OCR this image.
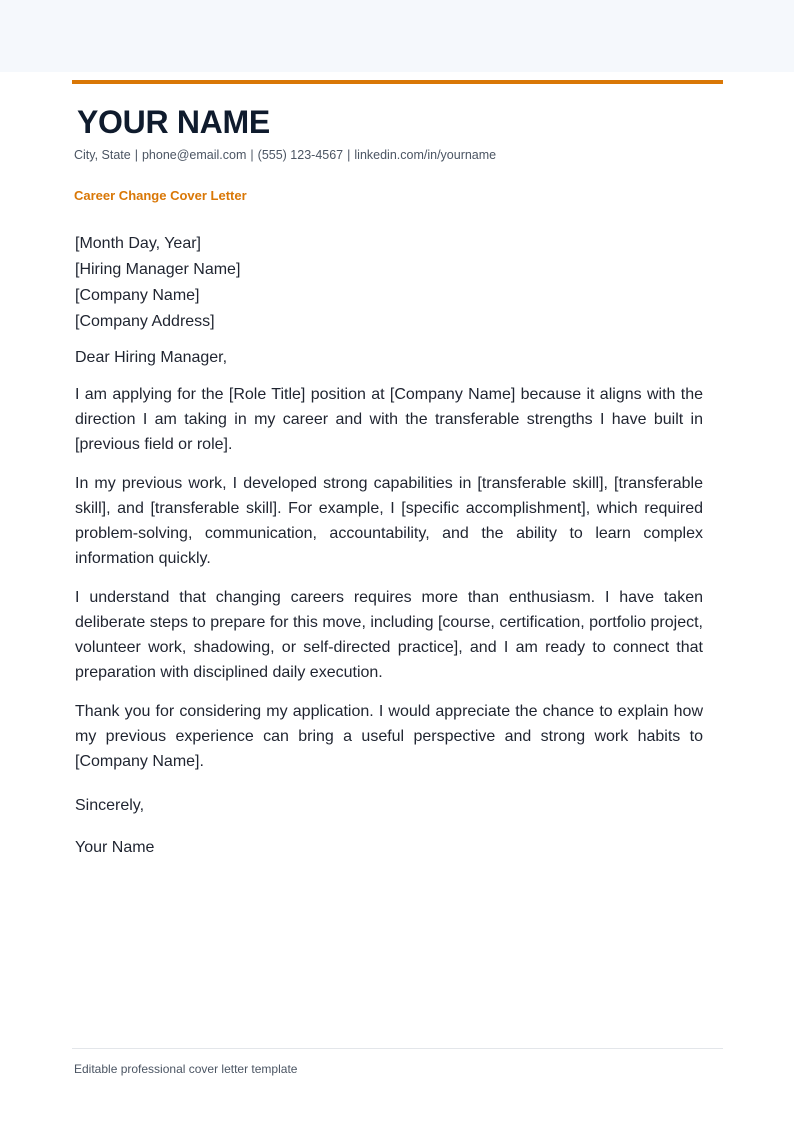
YOUR NAME
City, State | phone@email.com | (555) 123-4567 | linkedin.com/in/yourname
Career Change Cover Letter
[Month Day, Year]
[Hiring Manager Name]
[Company Name]
[Company Address]
Dear Hiring Manager,

I am applying for the [Role Title] position at [Company Name] because it aligns with the direction I am taking in my career and with the transferable strengths I have built in [previous field or role].

In my previous work, I developed strong capabilities in [transferable skill], [transferable skill], and [transferable skill]. For example, I [specific accomplishment], which required problem-solving, communication, accountability, and the ability to learn complex information quickly.

I understand that changing careers requires more than enthusiasm. I have taken deliberate steps to prepare for this move, including [course, certification, portfolio project, volunteer work, shadowing, or self-directed practice], and I am ready to connect that preparation with disciplined daily execution.

Thank you for considering my application. I would appreciate the chance to explain how my previous experience can bring a useful perspective and strong work habits to [Company Name].

Sincerely,
Your Name
Editable professional cover letter template
